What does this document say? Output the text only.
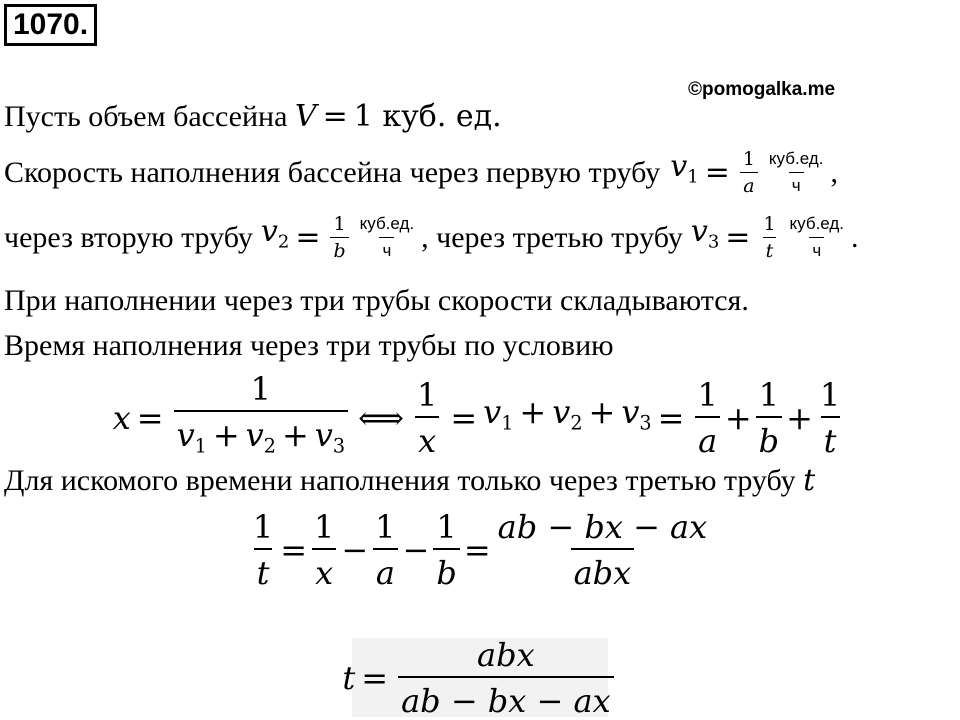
1070.
©pomogalka.me
Пусть объем бассейна V = 1 куб. ед.
Скорость наполнения бассейна через первую трубу $v_1 = \frac{1}{a} \frac{\text{куб.ед.}}{ч}$ ,
через вторую трубу $v_2 = \frac{1}{b} \frac{\text{куб.ед.}}{ч}$ , через третью трубу $v_3 = \frac{1}{t} \frac{\text{куб.ед.}}{ч}$ .
При наполнении через три трубы скорости складываются.
Время наполнения через три трубы по условию
$x = \frac{1}{v_1 + v_2 + v_3}$ ⟺ $\frac{1}{x} = v_1 + v_2 + v_3 = \frac{1}{a} + \frac{1}{b} + \frac{1}{t}$
Для искомого времени наполнения только через третью трубу t
$\frac{1}{t} = \frac{1}{x} - \frac{1}{a} - \frac{1}{b} = \frac{ab - bx - ax}{\text{abx}}$
$t = \frac{\text{abx}}{ab - bx - ax}$
